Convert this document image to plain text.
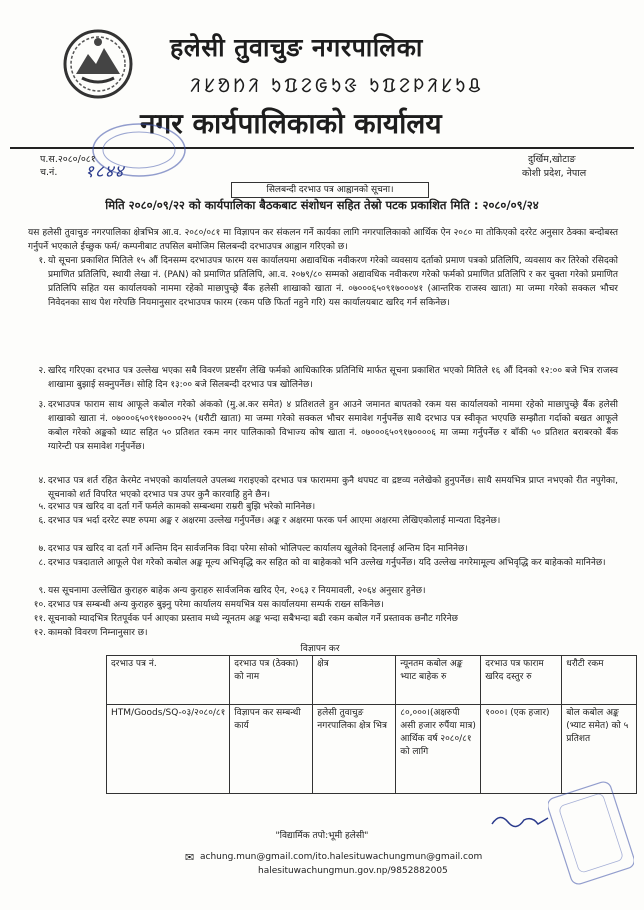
हलेसी तुवाचुङ नगरपालिका
ᱤᱥᱚᱴᱤ ᱩᱯᱮᱜᱩᱝ ᱩᱯᱮᱞᱤᱥᱩᱪ
नगर कार्यपालिकाको कार्यालय
प.स.२०८०/०८१
च.नं. १८४४
दुर्खिम,खोटाङ
कोशी प्रदेश, नेपाल
सिलबन्दी दरभाउ पत्र आह्वानको सूचना।
मिति २०८०/०९/२२ को कार्यपालिका बैठकबाट संशोधन सहित तेस्रो पटक प्रकाशित मिति : २०८०/०९/२४
यस हलेसी तुवाचुङ नगरपालिका क्षेत्रभित्र आ.व. २०८०/०८१ मा विज्ञापन कर संकलन गर्ने कार्यका लागि नगरपालिकाको आर्थिक ऐन २०८० मा तोकिएको दररेट अनुसार ठेक्का बन्दोबस्त गर्नुपर्ने भएकाले ईच्छुक फर्म/ कम्पनीबाट तपसिल बमोजिम सिलबन्दी दरभाउपत्र आह्वान गरिएको छ।
१. यो सूचना प्रकाशित मितिले १५ औं दिनसम्म दरभाउपत्र फारम यस कार्यालयमा अद्यावधिक नवीकरण गरेको व्यवसाय दर्ताको प्रमाण पत्रको प्रतिलिपि, व्यवसाय कर तिरेको रसिदको प्रमाणित प्रतिलिपि, स्थायी लेखा नं. (PAN) को प्रमाणित प्रतिलिपि, आ.व. २०७९/८० सम्मको अद्यावधिक नवीकरण गरेको फर्मको प्रमाणित प्रतिलिपि र कर चुक्ता गरेको प्रमाणित प्रतिलिपि सहित यस कार्यालयको नाममा रहेको माछापुच्छ्रे बैंक हलेसी शाखाको खाता नं. ०७०००६५०९१७०००४१ (आन्तरिक राजस्व खाता) मा जम्मा गरेको सक्कल भौचर निवेदनका साथ पेश गरेपछि नियमानुसार दरभाउपत्र फारम (रकम पछि फिर्ता नहुने गरि) यस कार्यालयबाट खरिद गर्न सकिनेछ।
२. खरिद गरिएका दरभाउ पत्र उल्लेख भएका सबै विवरण प्रष्टसँग लेखि फर्मको आधिकारिक प्रतिनिधि मार्फत सूचना प्रकाशित भएको मितिले १६ औं दिनको १२:०० बजे भित्र राजस्व शाखामा बुझाई सक्नुपर्नेछ। सोहि दिन १३:०० बजे सिलबन्दी दरभाउ पत्र खोलिनेछ।
३. दरभाउपत्र फाराम साथ आफूले कबोल गरेको अंकको (मु.अ.कर समेत) ४ प्रतिशतले हुन आउने जमानत बापतको रकम यस कार्यालयको नाममा रहेको माछापुच्छ्रे बैंक हलेसी शाखाको खाता नं. ०७०००६५०९१७००००२५ (धरौटी खाता) मा जम्मा गरेको सक्कल भौचर समावेश गर्नुपर्नेछ साथै दरभाउ पत्र स्वीकृत भएपछि सम्झौता गर्दाको बखत आफूले कबोल गरेको अङ्कको ध्याट सहित ५० प्रतिशत रकम नगर पालिकाको विभाज्य कोष खाता नं. ०७०००६५०९१७००००६ मा जम्मा गर्नुपर्नेछ र बाँकी ५० प्रतिशत बराबरको बैंक ग्यारेन्टी पत्र समावेश गर्नुपर्नेछ।
४. दरभाउ पत्र शर्त रहित केरमेट नभएको कार्यालयले उपलब्ध गराइएको दरभाउ पत्र फाराममा कुनै थपघट वा द्रष्टव्य नलेखेको हुनुपर्नेछ। साथै समयभित्र प्राप्त नभएको रीत नपुगेका, सूचनाको शर्त विपरित भएको दरभाउ पत्र उपर कुनै कारवाहि हुने छैन।
५. दरभाउ पत्र खरिद वा दर्ता गर्ने फर्मले कामको सम्बन्धमा राम्ररी बुझि भरेको मानिनेछ।
६. दरभाउ पत्र भर्दा दररेट स्पष्ट रुपमा अङ्क र अक्षरमा उल्लेख गर्नुपर्नेछ। अङ्क र अक्षरमा फरक पर्न आएमा अक्षरमा लेखिएकोलाई मान्यता दिइनेछ।
७. दरभाउ पत्र खरिद वा दर्ता गर्ने अन्तिम दिन सार्वजनिक विदा परेमा सोको भोलिपल्ट कार्यालय खुलेको दिनलाई अन्तिम दिन मानिनेछ।
८. दरभाउ पत्रदाताले आफूले पेश गरेको कबोल अङ्क मूल्य अभिवृद्धि कर सहित को वा बाहेकको भनि उल्लेख गर्नुपर्नेछ। यदि उल्लेख नगरेमामूल्य अभिवृद्धि कर बाहेकको मानिनेछ।
९. यस सूचनामा उल्लेखित कुराहरु बाहेक अन्य कुराहरु सार्वजनिक खरिद ऐन, २०६३ र नियमावली, २०६४ अनुसार हुनेछ।
१०. दरभाउ पत्र सम्बन्धी अन्य कुराहरु बुझ्नु परेमा कार्यालय समयभित्र यस कार्यालयमा सम्पर्क राख्न सकिनेछ।
११. सूचनाको म्यादभित्र रितपूर्वक पर्न आएका प्रस्ताव मध्ये न्यूनतम अङ्क भन्दा सबैभन्दा बढी रकम कबोल गर्ने प्रस्तावक छनौट गरिनेछ
१२. कामको विवरण निम्नानुसार छ।
विज्ञापन कर
दरभाउ पत्र नं.	दरभाउ पत्र (ठेक्का) को नाम	क्षेत्र	न्यूनतम कबोल अङ्क भ्याट बाहेक रु	दरभाउ पत्र फाराम खरिद दस्तुर रु	धरौटी रकम
HTM/Goods/SQ-०३/२०८०/८१	विज्ञापन कर सम्बन्धी कार्य	हलेसी तुवाचुङ नगरपालिका क्षेत्र भित्र	८०,०००।(अक्षरुपी असी हजार रुपैंया मात्र) आर्थिक वर्ष २०८०/८१ को लागि	१०००। (एक हजार)	बोल कबोल अङ्क (भ्याट समेत) को ५ प्रतिशत
"विद्यार्मिक तपो:भूमी हलेसी"
✉ achung.mun@gmail.com/ito.halesituwachungmun@gmail.com
halesituwachungmun.gov.np/9852882005
